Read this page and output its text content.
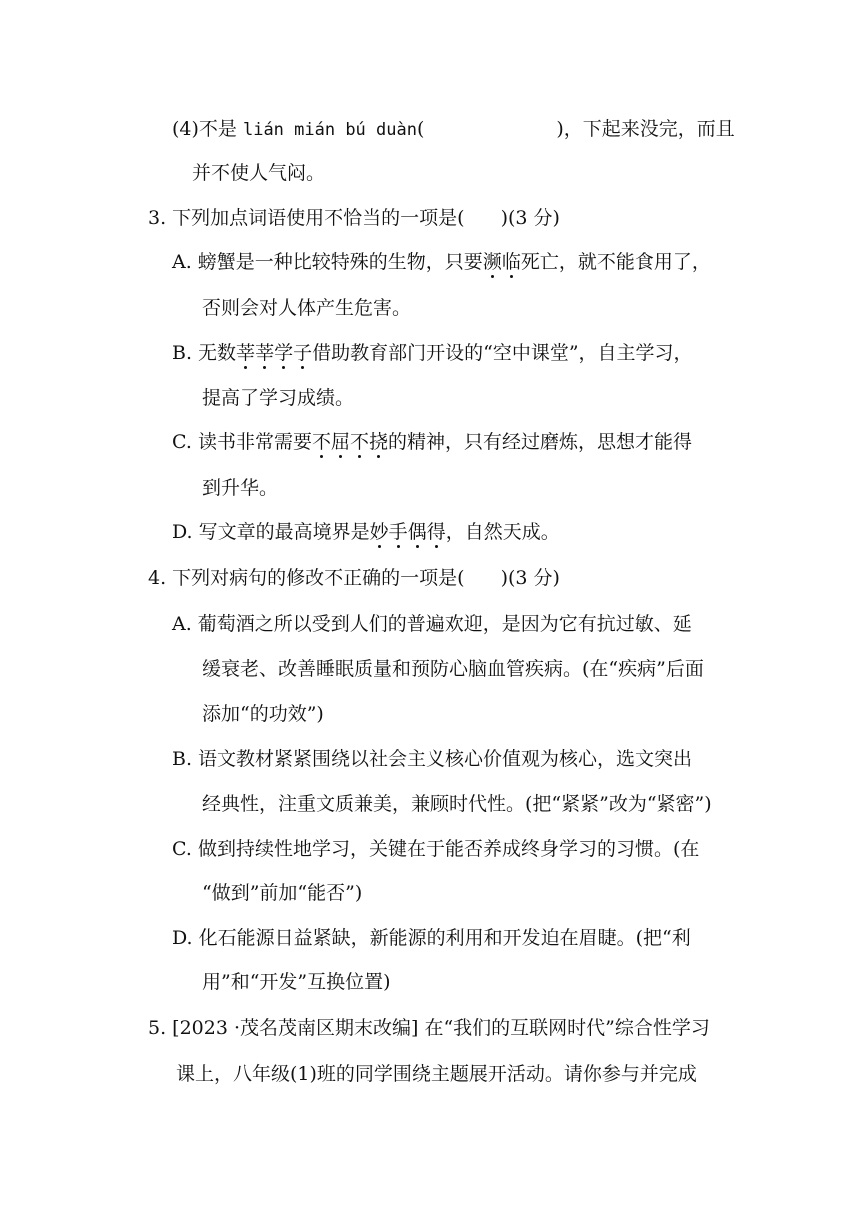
(4)不是 lián mián bú duàn(	)，下起来没完，而且
并不使人气闷。
3. 下列加点词语使用不恰当的一项是( )(3 分)
A. 螃蟹是一种比较特殊的生物，只要濒临死亡，就不能食用了，
否则会对人体产生危害。
B. 无数莘莘学子借助教育部门开设的“空中课堂”，自主学习，
提高了学习成绩。
C. 读书非常需要不屈不挠的精神，只有经过磨炼，思想才能得
到升华。
D. 写文章的最高境界是妙手偶得，自然天成。
4. 下列对病句的修改不正确的一项是( )(3 分)
A. 葡萄酒之所以受到人们的普遍欢迎，是因为它有抗过敏、延
缓衰老、改善睡眠质量和预防心脑血管疾病。(在“疾病”后面
添加“的功效”)
B. 语文教材紧紧围绕以社会主义核心价值观为核心，选文突出
经典性，注重文质兼美，兼顾时代性。(把“紧紧”改为“紧密”)
C. 做到持续性地学习，关键在于能否养成终身学习的习惯。(在
“做到”前加“能否”)
D. 化石能源日益紧缺，新能源的利用和开发迫在眉睫。(把“利
用”和“开发”互换位置)
5. [2023 ·茂名茂南区期末改编] 在“我们的互联网时代”综合性学习
课上，八年级(1)班的同学围绕主题展开活动。请你参与并完成
